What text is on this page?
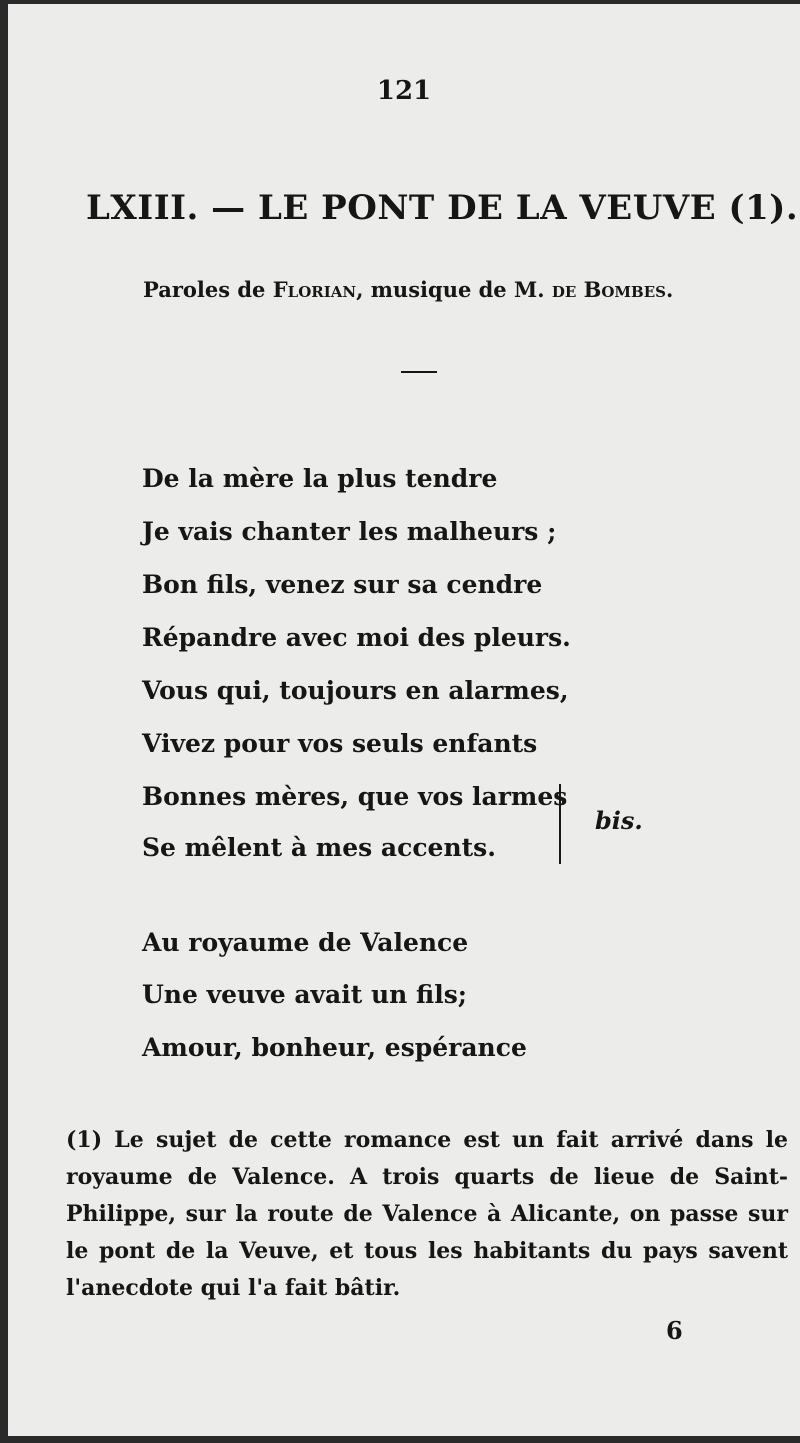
121
LXIII. — LE PONT DE LA VEUVE (1).
Paroles de Florian, musique de M. de Bombes.
De la mère la plus tendre
Je vais chanter les malheurs ;
Bon fils, venez sur sa cendre
Répandre avec moi des pleurs.
Vous qui, toujours en alarmes,
Vivez pour vos seuls enfants
Bonnes mères, que vos larmes
Se mêlent à mes accents.
bis.
Au royaume de Valence
Une veuve avait un fils;
Amour, bonheur, espérance
(1) Le sujet de cette romance est un fait arrivé dans le royaume de Valence. A trois quarts de lieue de Saint-Philippe, sur la route de Valence à Alicante, on passe sur le pont de la Veuve, et tous les habitants du pays savent l'anecdote qui l'a fait bâtir.
6
